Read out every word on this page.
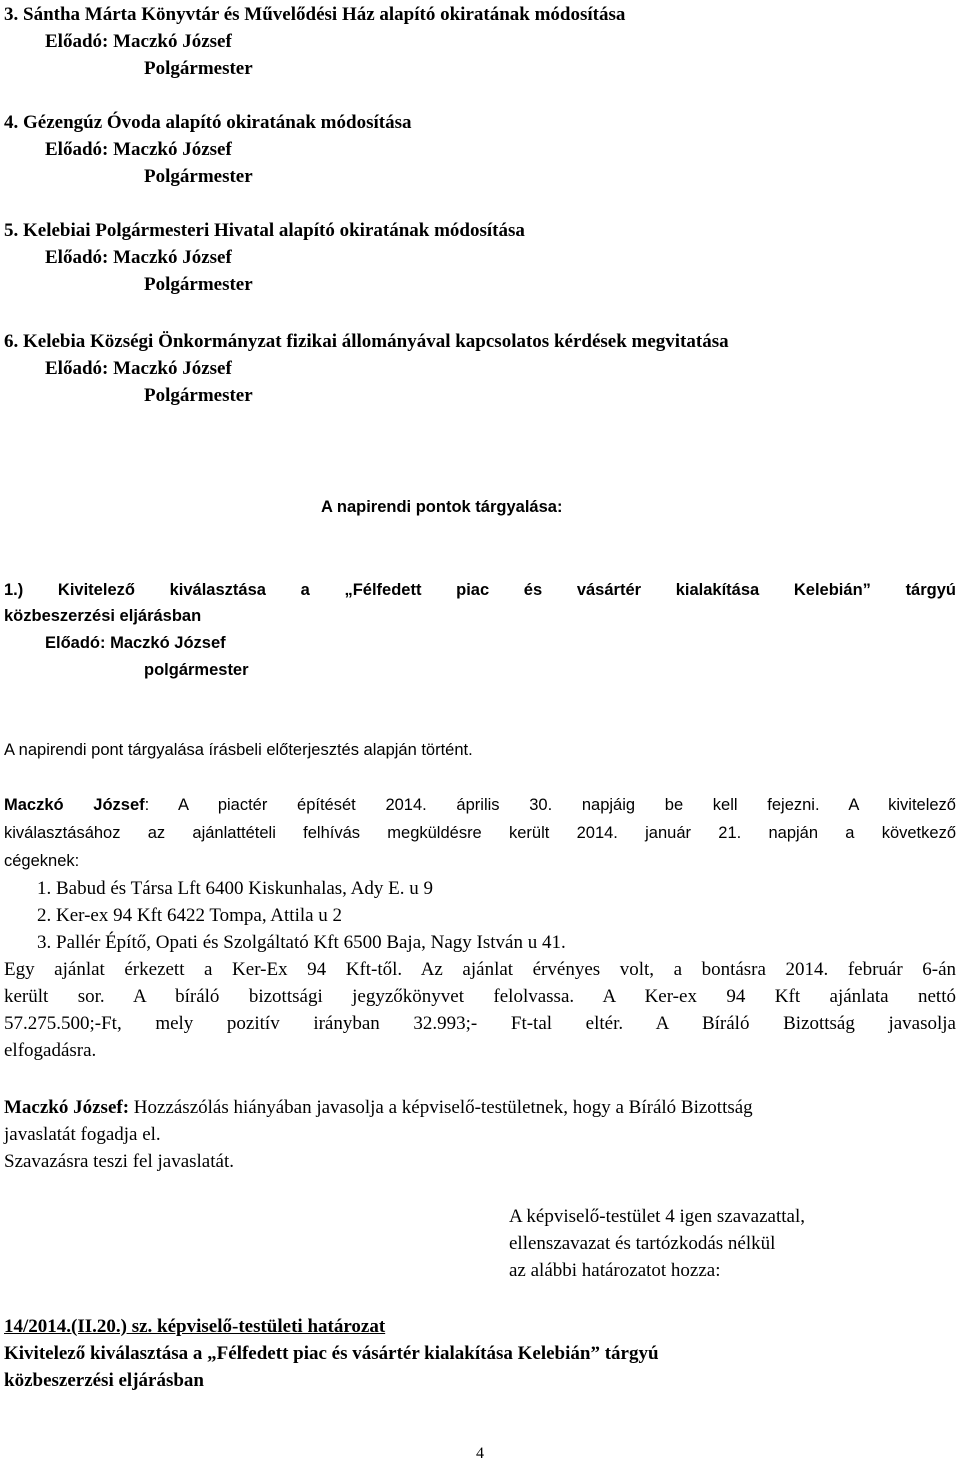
3. Sántha Márta Könyvtár és Művelődési Ház alapító okiratának módosítása
Előadó: Maczkó József
Polgármester
4. Gézengúz Óvoda alapító okiratának módosítása
Előadó: Maczkó József
Polgármester
5. Kelebiai Polgármesteri Hivatal alapító okiratának módosítása
Előadó: Maczkó József
Polgármester
6. Kelebia Községi Önkormányzat fizikai állományával kapcsolatos kérdések megvitatása
Előadó: Maczkó József
Polgármester
A napirendi pontok tárgyalása:
1.) Kivitelező kiválasztása a „Félfedett piac és vásártér kialakítása Kelebián” tárgyú
közbeszerzési eljárásban
Előadó: Maczkó József
polgármester
A napirendi pont tárgyalása írásbeli előterjesztés alapján történt.
Maczkó József: A piactér építését 2014. április 30. napjáig be kell fejezni. A kivitelező
kiválasztásához az ajánlattételi felhívás megküldésre került 2014. január 21. napján a következő
cégeknek:
1. Babud és Társa Lft 6400 Kiskunhalas, Ady E. u 9
2. Ker-ex 94 Kft 6422 Tompa, Attila u 2
3. Pallér Építő, Opati és Szolgáltató Kft 6500 Baja, Nagy István u 41.
Egy ajánlat érkezett a Ker-Ex 94 Kft-től. Az ajánlat érvényes volt, a bontásra 2014. február 6-án
került sor. A bíráló bizottsági jegyzőkönyvet felolvassa. A Ker-ex 94 Kft ajánlata nettó
57.275.500;-Ft, mely pozitív irányban 32.993;- Ft-tal eltér. A Bíráló Bizottság javasolja
elfogadásra.
Maczkó József: Hozzászólás hiányában javasolja a képviselő-testületnek, hogy a Bíráló Bizottság
javaslatát fogadja el.
Szavazásra teszi fel javaslatát.
A képviselő-testület 4 igen szavazattal,
ellenszavazat és tartózkodás nélkül
az alábbi határozatot hozza:
14/2014.(II.20.) sz. képviselő-testületi határozat
Kivitelező kiválasztása a „Félfedett piac és vásártér kialakítása Kelebián” tárgyú
közbeszerzési eljárásban
4
